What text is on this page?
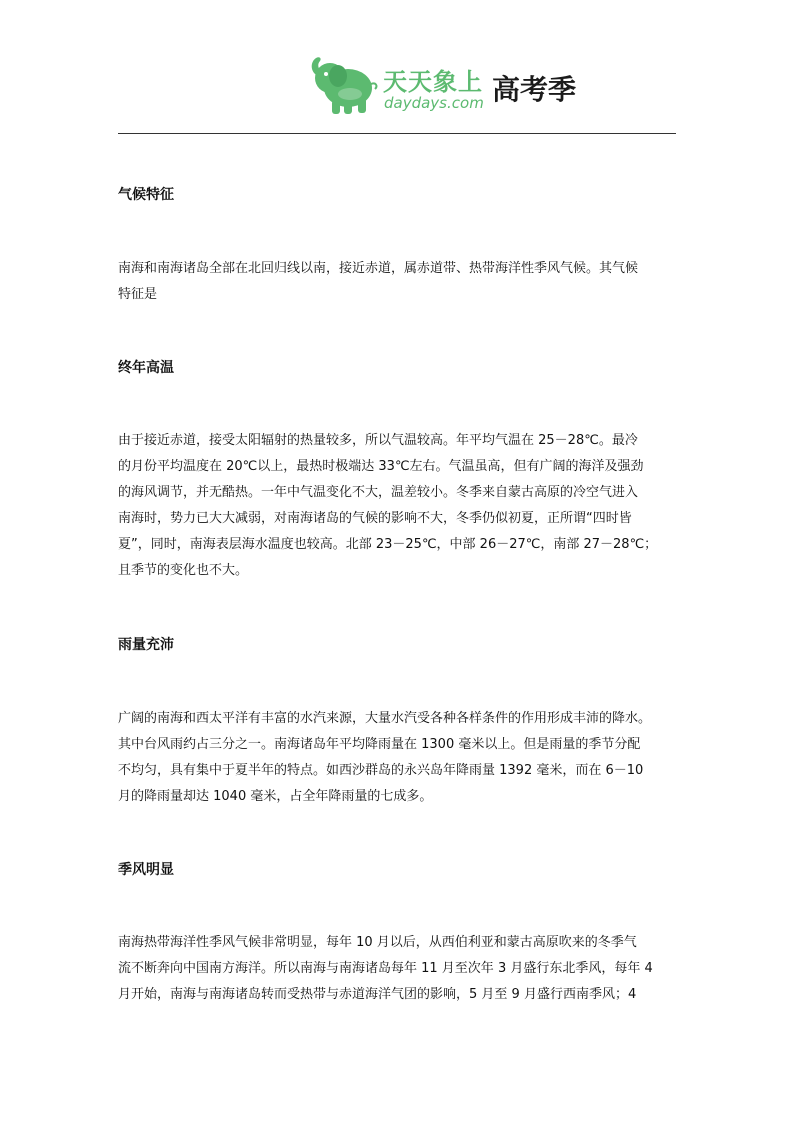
天天象上
daydays.com 高考季
气候特征
南海和南海诸岛全部在北回归线以南，接近赤道，属赤道带、热带海洋性季风气候。其气候
特征是
终年高温
由于接近赤道，接受太阳辐射的热量较多，所以气温较高。年平均气温在 25－28℃。最冷
的月份平均温度在 20℃以上，最热时极端达 33℃左右。气温虽高，但有广阔的海洋及强劲
的海风调节，并无酷热。一年中气温变化不大，温差较小。冬季来自蒙古高原的冷空气进入
南海时，势力已大大减弱，对南海诸岛的气候的影响不大，冬季仍似初夏，正所谓“四时皆
夏”，同时，南海表层海水温度也较高。北部 23－25℃，中部 26－27℃，南部 27－28℃；
且季节的变化也不大。
雨量充沛
广阔的南海和西太平洋有丰富的水汽来源，大量水汽受各种各样条件的作用形成丰沛的降水。
其中台风雨约占三分之一。南海诸岛年平均降雨量在 1300 毫米以上。但是雨量的季节分配
不均匀，具有集中于夏半年的特点。如西沙群岛的永兴岛年降雨量 1392 毫米，而在 6－10
月的降雨量却达 1040 毫米，占全年降雨量的七成多。
季风明显
南海热带海洋性季风气候非常明显，每年 10 月以后，从西伯利亚和蒙古高原吹来的冬季气
流不断奔向中国南方海洋。所以南海与南海诸岛每年 11 月至次年 3 月盛行东北季风，每年 4
月开始，南海与南海诸岛转而受热带与赤道海洋气团的影响，5 月至 9 月盛行西南季风；4
